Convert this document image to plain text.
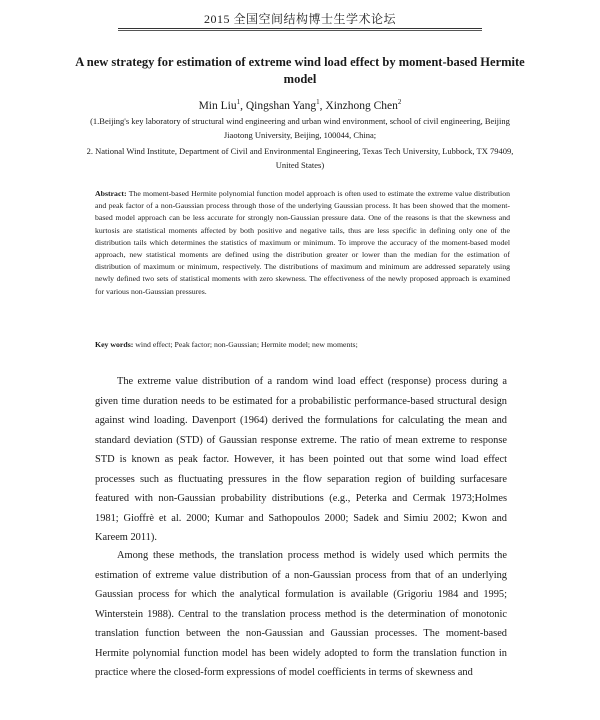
2015 全国空间结构博士生学术论坛
A new strategy for estimation of extreme wind load effect by moment-based Hermite model
Min Liu$^1$, Qingshan Yang$^1$, Xinzhong Chen$^2$
(1.Beijing's key laboratory of structural wind engineering and urban wind environment, school of civil engineering, Beijing Jiaotong University, Beijing, 100044, China;
2. National Wind Institute, Department of Civil and Environmental Engineering, Texas Tech University, Lubbock, TX 79409, United States)
Abstract: The moment-based Hermite polynomial function model approach is often used to estimate the extreme value distribution and peak factor of a non-Gaussian process through those of the underlying Gaussian process. It has been showed that the moment-based model approach can be less accurate for strongly non-Gaussian pressure data. One of the reasons is that the skewness and kurtosis are statistical moments affected by both positive and negative tails, thus are less specific in defining only one of the distribution tails which determines the statistics of maximum or minimum. To improve the accuracy of the moment-based model approach, new statistical moments are defined using the distribution greater or lower than the median for the estimation of distribution of maximum or minimum, respectively. The distributions of maximum and minimum are addressed separately using newly defined two sets of statistical moments with zero skewness. The effectiveness of the newly proposed approach is examined for various non-Gaussian pressures.
Key words: wind effect; Peak factor; non-Gaussian; Hermite model; new moments;
The extreme value distribution of a random wind load effect (response) process during a given time duration needs to be estimated for a probabilistic performance-based structural design against wind loading. Davenport (1964) derived the formulations for calculating the mean and standard deviation (STD) of Gaussian response extreme. The ratio of mean extreme to response STD is known as peak factor. However, it has been pointed out that some wind load effect processes such as fluctuating pressures in the flow separation region of building surfacesare featured with non-Gaussian probability distributions (e.g., Peterka and Cermak 1973;Holmes 1981; Gioffrè et al. 2000; Kumar and Sathopoulos 2000; Sadek and Simiu 2002; Kwon and Kareem 2011).
Among these methods, the translation process method is widely used which permits the estimation of extreme value distribution of a non-Gaussian process from that of an underlying Gaussian process for which the analytical formulation is available (Grigoriu 1984 and 1995; Winterstein 1988). Central to the translation process method is the determination of monotonic translation function between the non-Gaussian and Gaussian processes. The moment-based Hermite polynomial function model has been widely adopted to form the translation function in practice where the closed-form expressions of model coefficients in terms of skewness and
